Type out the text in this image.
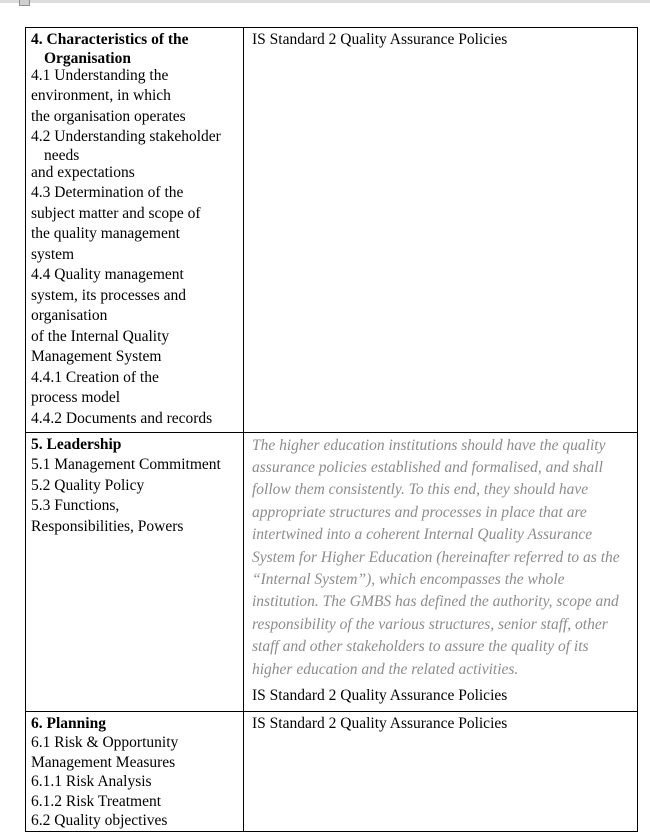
4. Characteristics of the
Organisation
4.1 Understanding the
environment, in which
the organisation operates
4.2 Understanding stakeholder
needs
and expectations
4.3 Determination of the
subject matter and scope of
the quality management
system
4.4 Quality management
system, its processes and
organisation
of the Internal Quality
Management System
4.4.1 Creation of the
process model
4.4.2 Documents and records
IS Standard 2 Quality Assurance Policies
5. Leadership
5.1 Management Commitment
5.2 Quality Policy
5.3 Functions,
Responsibilities, Powers
The higher education institutions should have the quality
assurance policies established and formalised, and shall
follow them consistently. To this end, they should have
appropriate structures and processes in place that are
intertwined into a coherent Internal Quality Assurance
System for Higher Education (hereinafter referred to as the
“Internal System”), which encompasses the whole
institution. The GMBS has defined the authority, scope and
responsibility of the various structures, senior staff, other
staff and other stakeholders to assure the quality of its
higher education and the related activities.
IS Standard 2 Quality Assurance Policies
6. Planning
6.1 Risk & Opportunity
Management Measures
6.1.1 Risk Analysis
6.1.2 Risk Treatment
6.2 Quality objectives
IS Standard 2 Quality Assurance Policies
